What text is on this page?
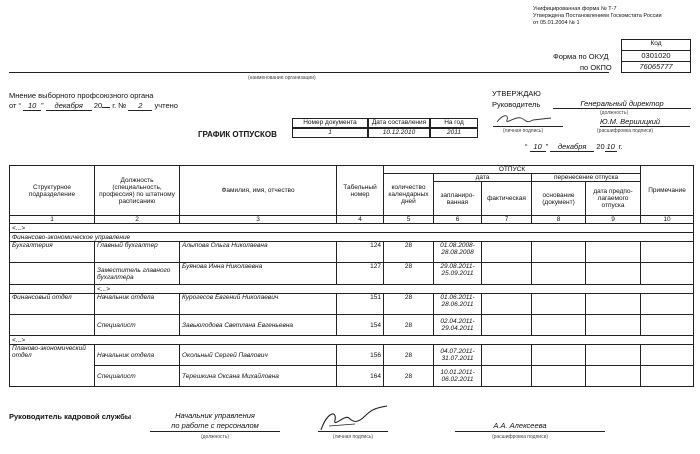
Унифицированная форма № Т-7
Утверждена Постановлением Госкомстата России
от 05.01.2004 № 1
Код
Форма по ОКУД	0301020
по ОКПО	76065777
(наименование организации)
Мнение выборного профсоюзного органа
от “ 10 ” декабря 20 г. № 2 учтено
УТВЕРЖДАЮ
Руководитель	Генеральный директор
(должность)
(личная подпись)
Ю.М. Вершицкий
(расшифровка подписи)
“ 10 ” декабря 20 10 г.
ГРАФИК ОТПУСКОВ
Номер документа	Дата составления	На год
1	10.12.2010	2011
Структурное подразделение	Должность (специальность, профессия) по штатному расписанию	Фамилия, имя, отчество	Табельный номер	ОТПУСК					Примечание
				количество календарных дней	дата		перенесение отпуска		
					запланиро- ванная	фактическая	основание (документ)	дата предпо- лагаемого отпуска	
1	2	3	4	5	6	7	8	9	10
<...>									
Финансово-экономическое управление									
Бухгалтерия	Главный бухгалтер	Алыпова Ольга Николаевна	124	28	01.08.2008-28.08.2008				
	Заместитель главного бухгалтера	Буянова Инна Николаевна	127	28	29.08.2011-25.09.2011				
	<...>								
Финансовый отдел	Начальник отдела	Курогесов Евгений Николаевич	151	28	01.06.2011-28.06.2011				
	Специалист	Завьюлодова Светлана Евгеньевна	154	28	02.04.2011-29.04.2011				
<...>									
Планово-экономический отдел	Начальник отдела	Окольный Сергей Павлович	156	28	04.07.2011-31.07.2011				
	Специалист	Терешкина Оксана Михайловна	164	28	10.01.2011-06.02.2011				
Руководитель кадровой службы	Начальник управления
по работе с персоналом
(должность)	(личная подпись)
А.А. Алексеева
(расшифровка подписи)
